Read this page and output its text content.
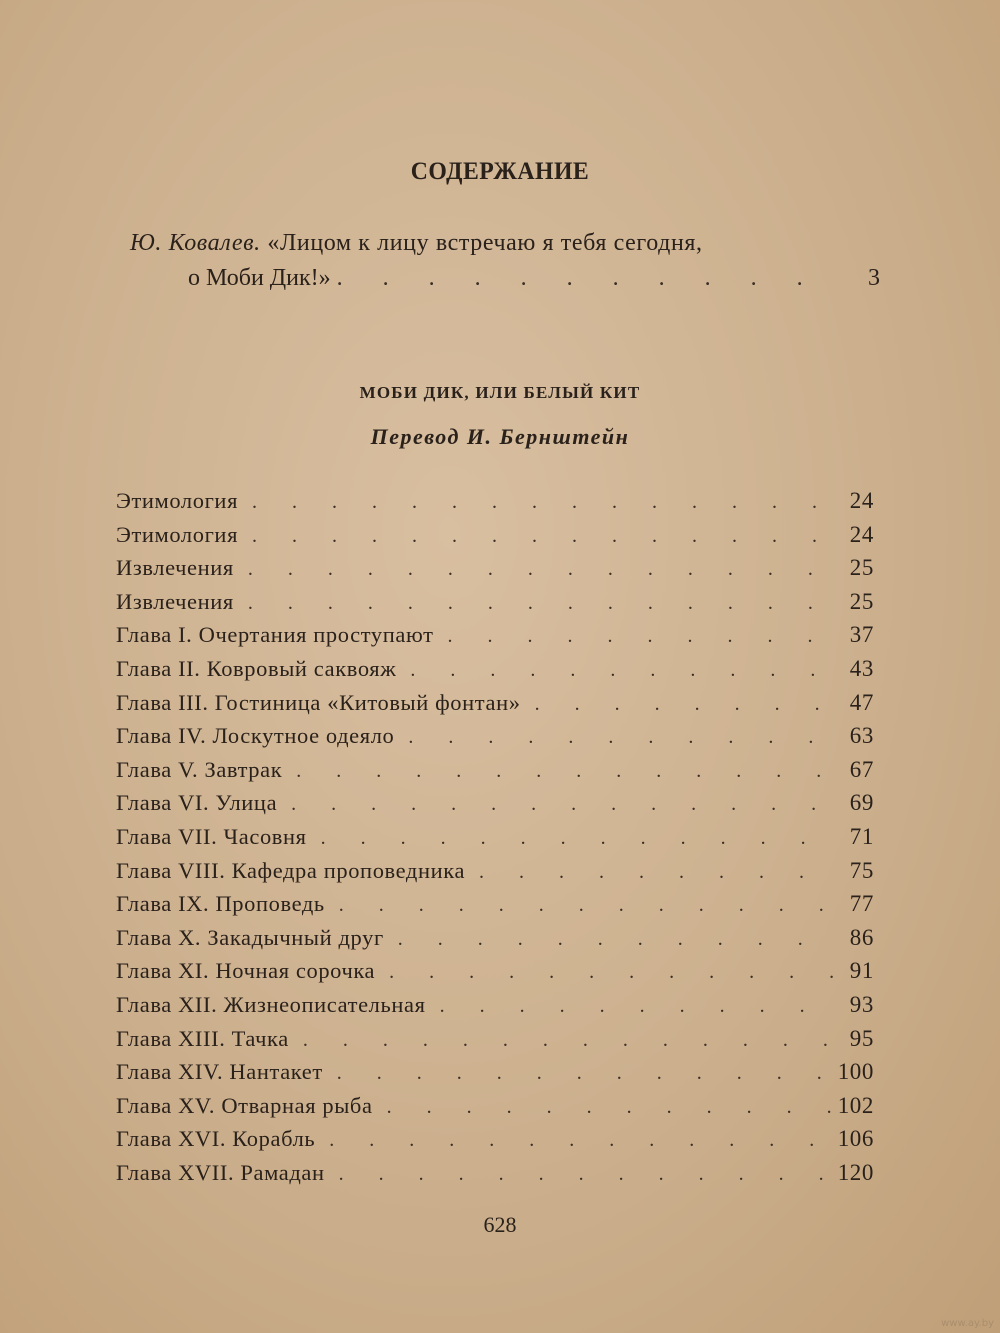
СОДЕРЖАНИЕ
Ю. Ковалев. «Лицом к лицу встречаю я тебя сегодня,
о Моби Дик!» . . .	3
МОБИ ДИК, ИЛИ БЕЛЫЙ КИТ
Перевод И. Бернштейн
Этимология . . .	24
Этимология . . .	24
Извлечения . . .	25
Извлечения . . .	25
Глава I. Очертания проступают . . .	37
Глава II. Ковровый саквояж . . .	43
Глава III. Гостиница «Китовый фонтан» . . .	47
Глава IV. Лоскутное одеяло . . .	63
Глава V. Завтрак . . .	67
Глава VI. Улица . . .	69
Глава VII. Часовня . . .	71
Глава VIII. Кафедра проповедника . . .	75
Глава IX. Проповедь . . .	77
Глава X. Закадычный друг . . .	86
Глава XI. Ночная сорочка . . .	91
Глава XII. Жизнеописательная . . .	93
Глава XIII. Тачка . . .	95
Глава XIV. Нантакет . . .	100
Глава XV. Отварная рыба . . .	102
Глава XVI. Корабль . . .	106
Глава XVII. Рамадан . . .	120
628
www.ay.by
